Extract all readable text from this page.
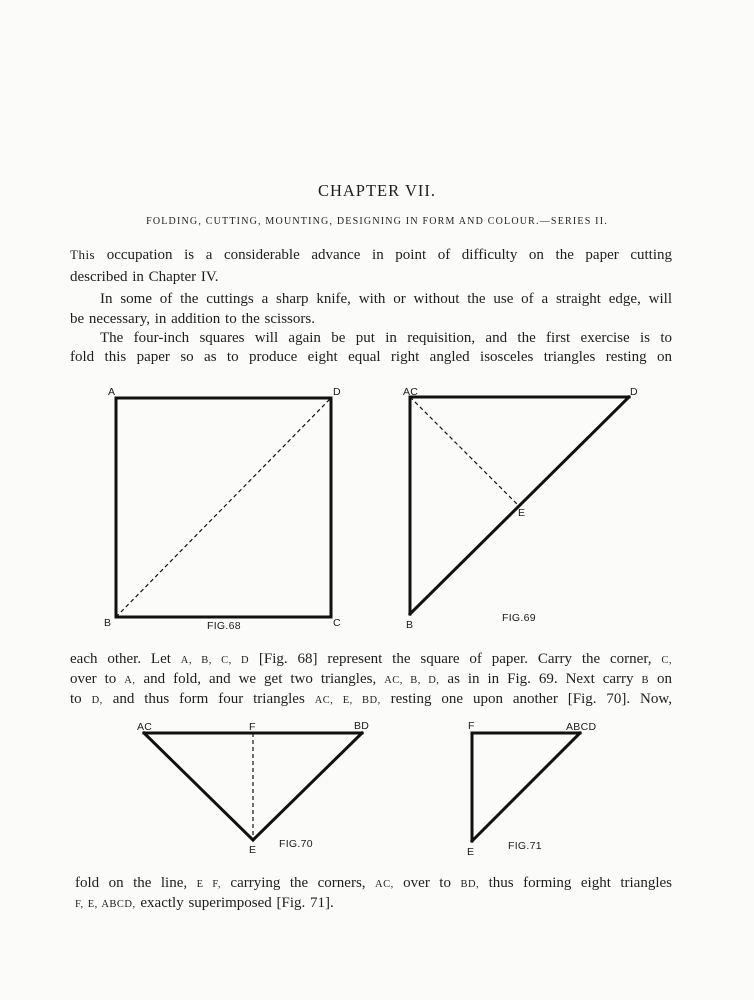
CHAPTER VII.
FOLDING, CUTTING, MOUNTING, DESIGNING IN FORM AND COLOUR.—SERIES II.
This occupation is a considerable advance in point of difficulty on the paper cutting
described in Chapter IV.
In some of the cuttings a sharp knife, with or without the use of a straight edge, will
be necessary, in addition to the scissors.
The four-inch squares will again be put in requisition, and the first exercise is to
fold this paper so as to produce eight equal right angled isosceles triangles resting on
A	D
B	C
FIG.68
AC	D
E
B
FIG.69
each other. Let A, B, C, D [Fig. 68] represent the square of paper. Carry the corner, C,
over to A, and fold, and we get two triangles, AC, B, D, as in in Fig. 69. Next carry B on
to D, and thus form four triangles AC, E, BD, resting one upon another [Fig. 70]. Now,
AC	F	BD
E FIG.70
F	ABCD
E	FIG.71
fold on the line, E F, carrying the corners, AC, over to BD, thus forming eight triangles
F, E, ABCD, exactly superimposed [Fig. 71].
